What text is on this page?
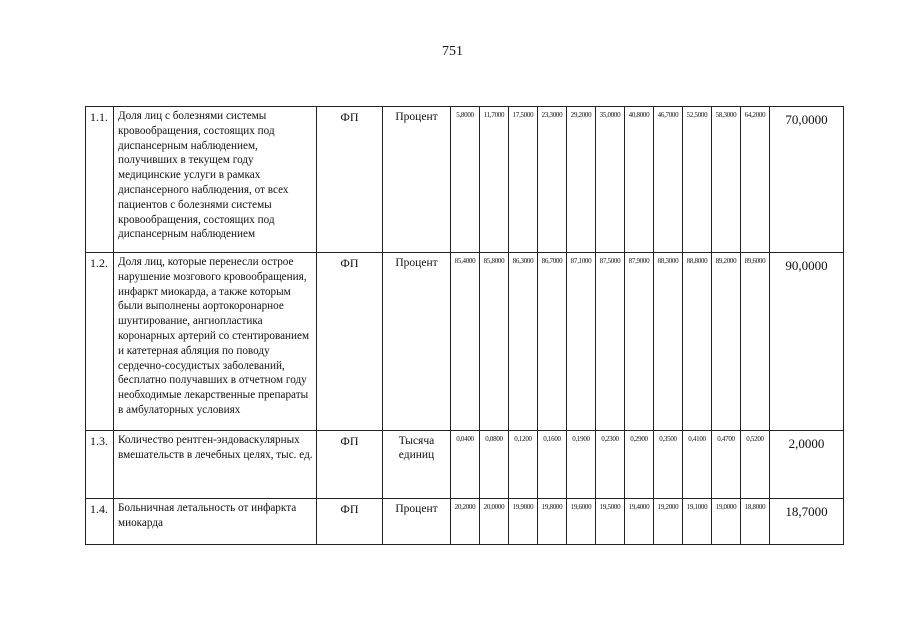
751
1.1.	Доля лиц с болезнями системы кровообращения, состоящих под диспансерным наблюдением, получивших в текущем году медицинские услуги в рамках диспансерного наблюдения, от всех пациентов с болезнями системы кровообращения, состоящих под диспансерным наблюдением	ФП	Процент	5,8000	11,7000	17,5000	23,3000	29,2000	35,0000	40,8000	46,7000	52,5000	58,3000	64,2000	70,0000
1.2.	Доля лиц, которые перенесли острое нарушение мозгового кровообращения, инфаркт миокарда, а также которым были выполнены аортокоронарное шунтирование, ангиопластика коронарных артерий со стентированием и катетерная абляция по поводу сердечно-сосудистых заболеваний, бесплатно получавших в отчетном году необходимые лекарственные препараты в амбулаторных условиях	ФП	Процент	85,4000	85,8000	86,3000	86,7000	87,1000	87,5000	87,9000	88,3000	88,8000	89,2000	89,6000	90,0000
1.3.	Количество рентген-эндоваскулярных вмешательств в лечебных целях, тыс. ед.	ФП	Тысяча единиц	0,0400	0,0800	0,1200	0,1600	0,1900	0,2300	0,2900	0,3500	0,4100	0,4700	0,5200	2,0000
1.4.	Больничная летальность от инфаркта миокарда	ФП	Процент	20,2000	20,0000	19,9000	19,8000	19,6000	19,5000	19,4000	19,2000	19,1000	19,0000	18,8000	18,7000
